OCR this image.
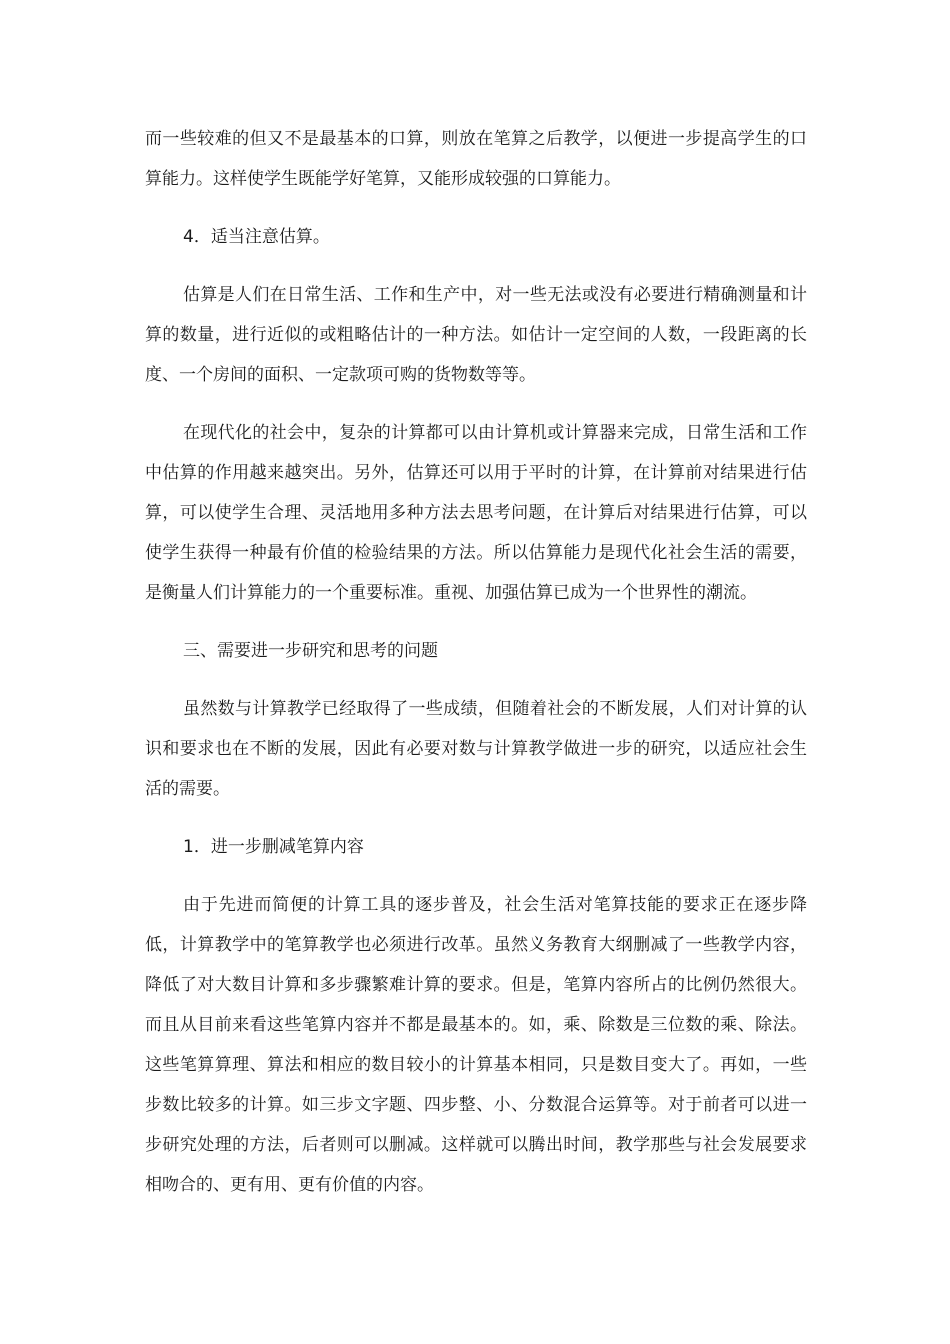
而一些较难的但又不是最基本的口算，则放在笔算之后教学，以便进一步提高学生的口算能力。这样使学生既能学好笔算，又能形成较强的口算能力。

4．适当注意估算。

估算是人们在日常生活、工作和生产中，对一些无法或没有必要进行精确测量和计算的数量，进行近似的或粗略估计的一种方法。如估计一定空间的人数，一段距离的长度、一个房间的面积、一定款项可购的货物数等等。

在现代化的社会中，复杂的计算都可以由计算机或计算器来完成，日常生活和工作中估算的作用越来越突出。另外，估算还可以用于平时的计算，在计算前对结果进行估算，可以使学生合理、灵活地用多种方法去思考问题，在计算后对结果进行估算，可以使学生获得一种最有价值的检验结果的方法。所以估算能力是现代化社会生活的需要，是衡量人们计算能力的一个重要标准。重视、加强估算已成为一个世界性的潮流。

三、需要进一步研究和思考的问题

虽然数与计算教学已经取得了一些成绩，但随着社会的不断发展，人们对计算的认识和要求也在不断的发展，因此有必要对数与计算教学做进一步的研究，以适应社会生活的需要。

1．进一步删减笔算内容

由于先进而简便的计算工具的逐步普及，社会生活对笔算技能的要求正在逐步降低，计算教学中的笔算教学也必须进行改革。虽然义务教育大纲删减了一些教学内容，降低了对大数目计算和多步骤繁难计算的要求。但是，笔算内容所占的比例仍然很大。而且从目前来看这些笔算内容并不都是最基本的。如，乘、除数是三位数的乘、除法。这些笔算算理、算法和相应的数目较小的计算基本相同，只是数目变大了。再如，一些步数比较多的计算。如三步文字题、四步整、小、分数混合运算等。对于前者可以进一步研究处理的方法，后者则可以删减。这样就可以腾出时间，教学那些与社会发展要求相吻合的、更有用、更有价值的内容。
